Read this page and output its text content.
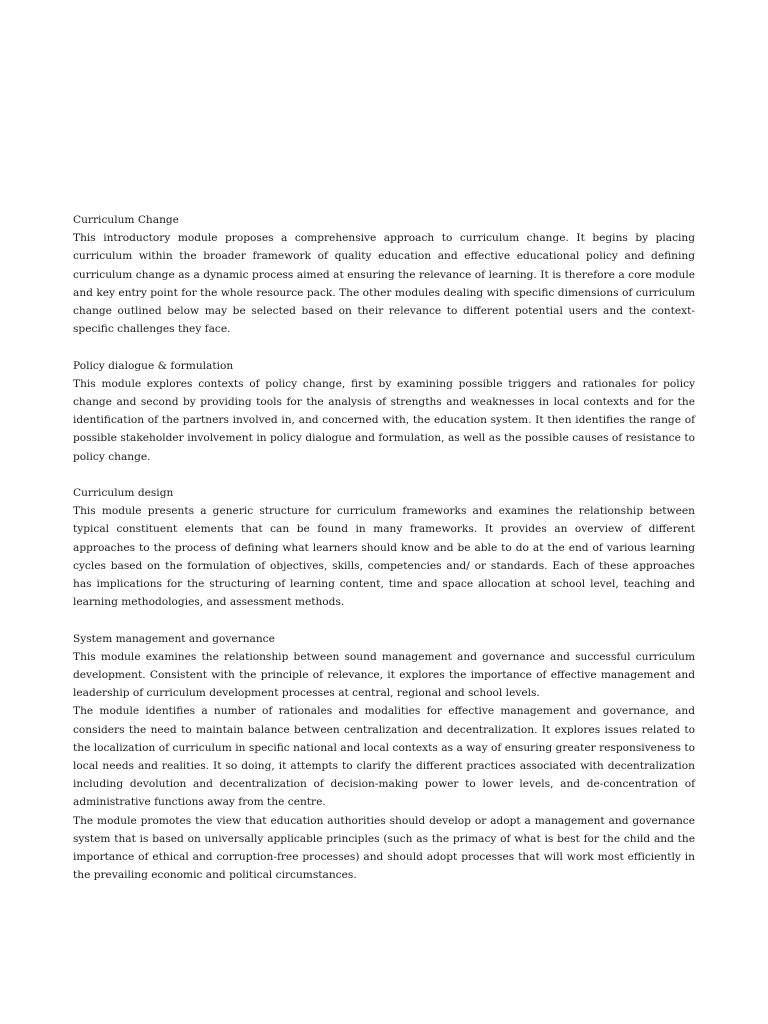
Curriculum Change

This introductory module proposes a comprehensive approach to curriculum change. It begins by placing curriculum within the broader framework of quality education and effective educational policy and defining curriculum change as a dynamic process aimed at ensuring the relevance of learning. It is therefore a core module and key entry point for the whole resource pack. The other modules dealing with specific dimensions of curriculum change outlined below may be selected based on their relevance to different potential users and the context- specific challenges they face.

Policy dialogue & formulation

This module explores contexts of policy change, first by examining possible triggers and rationales for policy change and second by providing tools for the analysis of strengths and weaknesses in local contexts and for the identification of the partners involved in, and concerned with, the education system. It then identifies the range of possible stakeholder involvement in policy dialogue and formulation, as well as the possible causes of resistance to policy change.

Curriculum design

This module presents a generic structure for curriculum frameworks and examines the relationship between typical constituent elements that can be found in many frameworks. It provides an overview of different approaches to the process of defining what learners should know and be able to do at the end of various learning cycles based on the formulation of objectives, skills, competencies and/ or standards. Each of these approaches has implications for the structuring of learning content, time and space allocation at school level, teaching and learning methodologies, and assessment methods.

System management and governance

This module examines the relationship between sound management and governance and successful curriculum development. Consistent with the principle of relevance, it explores the importance of effective management and leadership of curriculum development processes at central, regional and school levels.

The module identifies a number of rationales and modalities for effective management and governance, and considers the need to maintain balance between centralization and decentralization. It explores issues related to the localization of curriculum in specific national and local contexts as a way of ensuring greater responsiveness to local needs and realities. It so doing, it attempts to clarify the different practices associated with decentralization including devolution and decentralization of decision-making power to lower levels, and de-concentration of administrative functions away from the centre.

The module promotes the view that education authorities should develop or adopt a management and governance system that is based on universally applicable principles (such as the primacy of what is best for the child and the importance of ethical and corruption-free processes) and should adopt processes that will work most efficiently in the prevailing economic and political circumstances.
